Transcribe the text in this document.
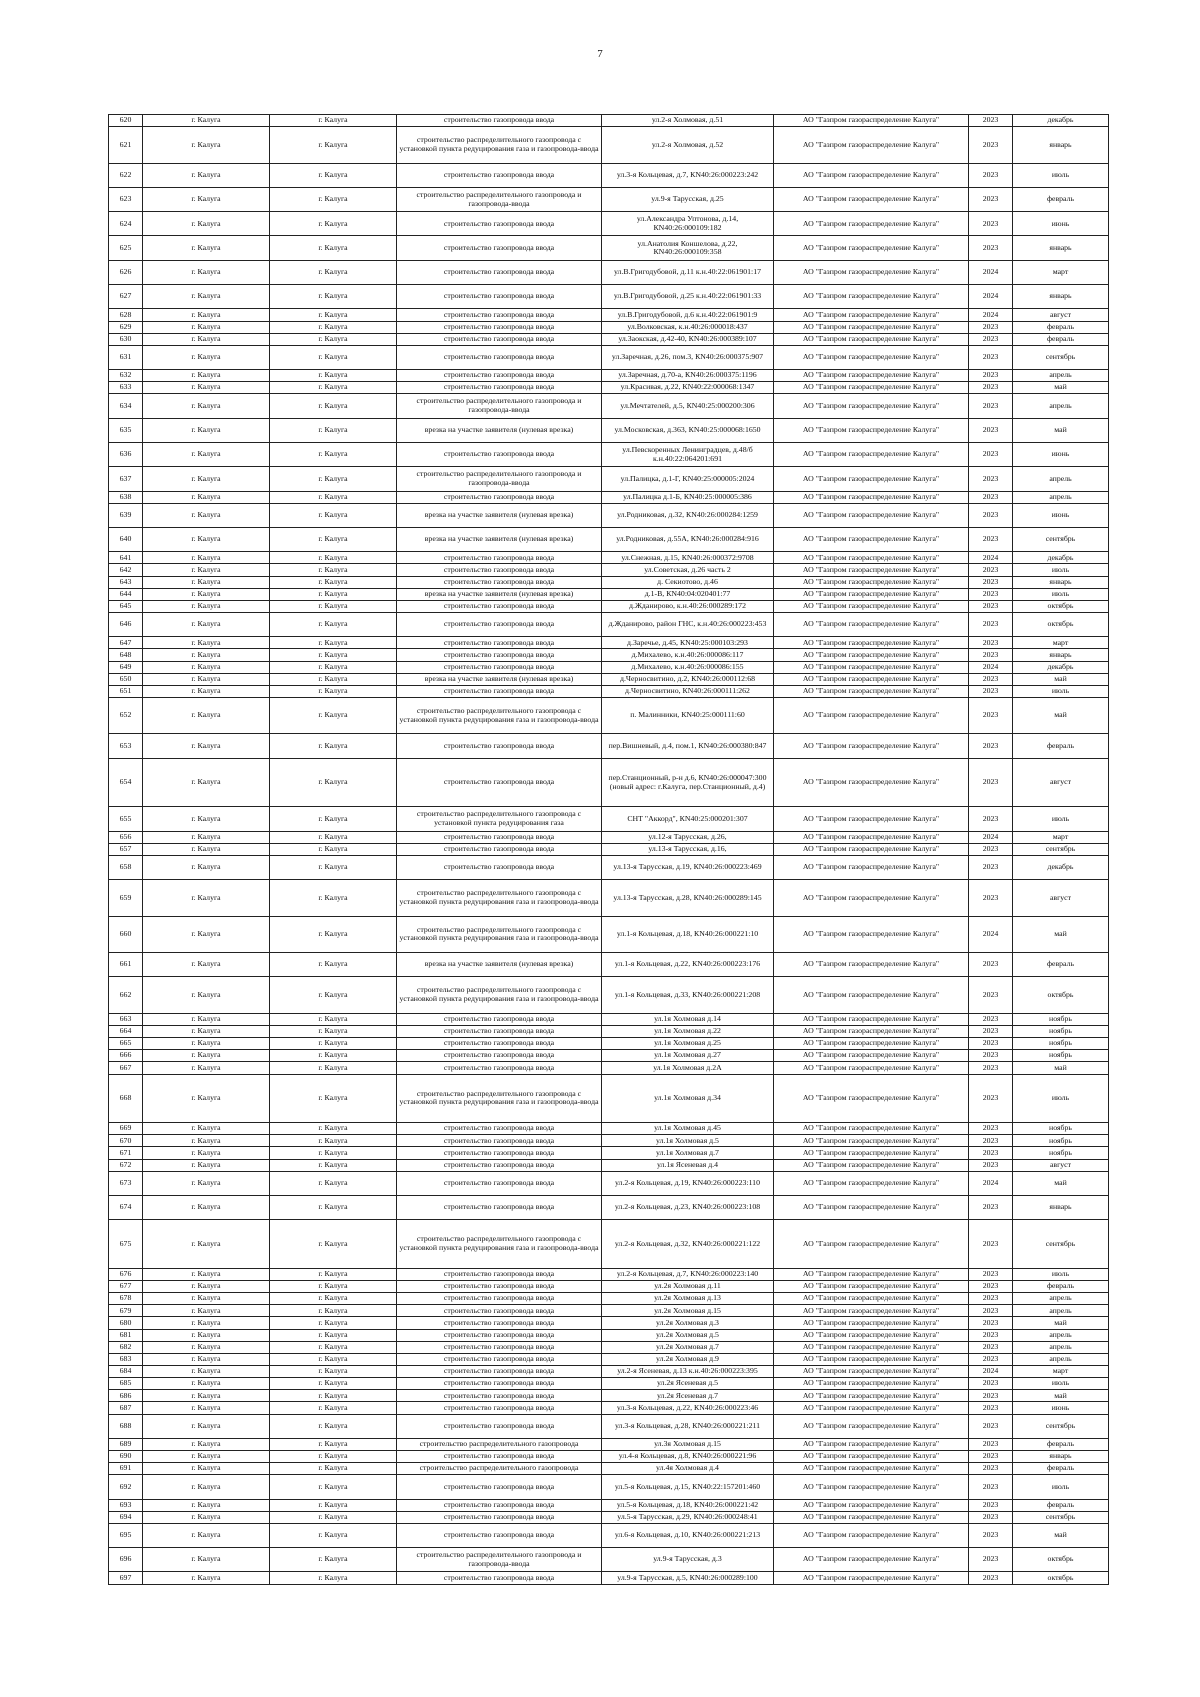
7
620	г. Калуга	г. Калуга	строительство газопровода ввода	ул.2-я Холмовая, д.51	АО "Газпром газораспределение Калуга"	2023	декабрь
621	г. Калуга	г. Калуга	строительство распределительного газопровода с установкой пункта редуцирования газа и газопровода-ввода	ул.2-я Холмовая, д.52	АО "Газпром газораспределение Калуга"	2023	январь
622	г. Калуга	г. Калуга	строительство газопровода ввода	ул.3-я Кольцевая, д.7, КN40:26:000223:242	АО "Газпром газораспределение Калуга"	2023	июль
623	г. Калуга	г. Калуга	строительство распределительного газопровода и газопровода-ввода	ул.9-я Тарусская, д.25	АО "Газпром газораспределение Калуга"	2023	февраль
624	г. Калуга	г. Калуга	строительство газопровода ввода	ул.Александра Уптонова, д.14, КN40:26:000109:182	АО "Газпром газораспределение Калуга"	2023	июнь
625	г. Калуга	г. Калуга	строительство газопровода ввода	ул.Анатолия Коншелова, д.22, КN40:26:000109:358	АО "Газпром газораспределение Калуга"	2023	январь
626	г. Калуга	г. Калуга	строительство газопровода ввода	ул.В.Григодубовой, д.11 к.н.40:22:061901:17	АО "Газпром газораспределение Калуга"	2024	март
627	г. Калуга	г. Калуга	строительство газопровода ввода	ул.В.Григодубовой, д.25 к.н.40:22:061901:33	АО "Газпром газораспределение Калуга"	2024	январь
628	г. Калуга	г. Калуга	строительство газопровода ввода	ул.В.Григодубовой, д.6 к.н.40:22:061901:9	АО "Газпром газораспределение Калуга"	2024	август
629	г. Калуга	г. Калуга	строительство газопровода ввода	ул.Волковская, к.н.40:26:000018:437	АО "Газпром газораспределение Калуга"	2023	февраль
630	г. Калуга	г. Калуга	строительство газопровода ввода	ул.Заокская, д.42-40, КN40:26:000389:107	АО "Газпром газораспределение Калуга"	2023	февраль
631	г. Калуга	г. Калуга	строительство газопровода ввода	ул.Заречная, д.26, пом.3, КN40:26:000375:907	АО "Газпром газораспределение Калуга"	2023	сентябрь
632	г. Калуга	г. Калуга	строительство газопровода ввода	ул.Заречная, д.70-а, КN40:26:000375:1196	АО "Газпром газораспределение Калуга"	2023	апрель
633	г. Калуга	г. Калуга	строительство газопровода ввода	ул.Красивая, д.22, КN40:22:000068:1347	АО "Газпром газораспределение Калуга"	2023	май
634	г. Калуга	г. Калуга	строительство распределительного газопровода и газопровода-ввода	ул.Мечтателей, д.5, КN40:25:000200:306	АО "Газпром газораспределение Калуга"	2023	апрель
635	г. Калуга	г. Калуга	врезка на участке заявителя (нулевая врезка)	ул.Московская, д.363, КN40:25:000068:1650	АО "Газпром газораспределение Калуга"	2023	май
636	г. Калуга	г. Калуга	строительство газопровода ввода	ул.Певскоренных Ленинградцев, д.48/б к.н.40:22:064201:691	АО "Газпром газораспределение Калуга"	2023	июнь
637	г. Калуга	г. Калуга	строительство распределительного газопровода и газопровода-ввода	ул.Палицка, д.1-Г, КN40:25:000005:2024	АО "Газпром газораспределение Калуга"	2023	апрель
638	г. Калуга	г. Калуга	строительство газопровода ввода	ул.Палицка д.1-Б, КN40:25:000005:386	АО "Газпром газораспределение Калуга"	2023	апрель
639	г. Калуга	г. Калуга	врезка на участке заявителя (нулевая врезка)	ул.Родниковая, д.32, КN40:26:000284:1259	АО "Газпром газораспределение Калуга"	2023	июнь
640	г. Калуга	г. Калуга	врезка на участке заявителя (нулевая врезка)	ул.Родниковая, д.55А, КN40:26:000284:916	АО "Газпром газораспределение Калуга"	2023	сентябрь
641	г. Калуга	г. Калуга	строительство газопровода ввода	ул.Снежная, д.15, КN40:26:000372:9708	АО "Газпром газораспределение Калуга"	2024	декабрь
642	г. Калуга	г. Калуга	строительство газопровода ввода	ул.Советская, д.26 часть 2	АО "Газпром газораспределение Калуга"	2023	июль
643	г. Калуга	г. Калуга	строительство газопровода ввода	д. Секиотово, д.46	АО "Газпром газораспределение Калуга"	2023	январь
644	г. Калуга	г. Калуга	врезка на участке заявителя (нулевая врезка)	д.1-В, КN40:04:020401:77	АО "Газпром газораспределение Калуга"	2023	июль
645	г. Калуга	г. Калуга	строительство газопровода ввода	д.Жданирово, к.н.40:26:000289:172	АО "Газпром газораспределение Калуга"	2023	октябрь
646	г. Калуга	г. Калуга	строительство газопровода ввода	д.Жданирово, район ГНС, к.н.40:26:000223:453	АО "Газпром газораспределение Калуга"	2023	октябрь
647	г. Калуга	г. Калуга	строительство газопровода ввода	д.Заречье, д.45, КN40:25:000103:293	АО "Газпром газораспределение Калуга"	2023	март
648	г. Калуга	г. Калуга	строительство газопровода ввода	д.Михалево, к.н.40:26:000086:117	АО "Газпром газораспределение Калуга"	2023	январь
649	г. Калуга	г. Калуга	строительство газопровода ввода	д.Михалево, к.н.40:26:000086:155	АО "Газпром газораспределение Калуга"	2024	декабрь
650	г. Калуга	г. Калуга	врезка на участке заявителя (нулевая врезка)	д.Черносвитино, д.2, КN40:26:000112:68	АО "Газпром газораспределение Калуга"	2023	май
651	г. Калуга	г. Калуга	строительство газопровода ввода	д.Черносвитино, КN40:26:000111:262	АО "Газпром газораспределение Калуга"	2023	июль
652	г. Калуга	г. Калуга	строительство распределительного газопровода с установкой пункта редуцирования газа и газопровода-ввода	п. Малинники, КN40:25:000111:60	АО "Газпром газораспределение Калуга"	2023	май
653	г. Калуга	г. Калуга	строительство газопровода ввода	пер.Вишневый, д.4, пом.1, КN40:26:000380:847	АО "Газпром газораспределение Калуга"	2023	февраль
654	г. Калуга	г. Калуга	строительство газопровода ввода	пер.Станционный, р-н д.6, КN40:26:000047:300 (новый адрес: г.Калуга, пер.Станционный, д.4)	АО "Газпром газораспределение Калуга"	2023	август
655	г. Калуга	г. Калуга	строительство распределительного газопровода с установкой пункта редуцирования газа	СНТ "Аккорд", КN40:25:000201:307	АО "Газпром газораспределение Калуга"	2023	июль
656	г. Калуга	г. Калуга	строительство газопровода ввода	ул.12-я Тарусская, д.26,	АО "Газпром газораспределение Калуга"	2024	март
657	г. Калуга	г. Калуга	строительство газопровода ввода	ул.13-я Тарусская, д.16,	АО "Газпром газораспределение Калуга"	2023	сентябрь
658	г. Калуга	г. Калуга	строительство газопровода ввода	ул.13-я Тарусская, д.19, КN40:26:000223:469	АО "Газпром газораспределение Калуга"	2023	декабрь
659	г. Калуга	г. Калуга	строительство распределительного газопровода с установкой пункта редуцирования газа и газопровода-ввода	ул.13-я Тарусская, д.28, КN40:26:000289:145	АО "Газпром газораспределение Калуга"	2023	август
660	г. Калуга	г. Калуга	строительство распределительного газопровода с установкой пункта редуцирования газа и газопровода-ввода	ул.1-я Кольцевая, д.18, КN40:26:000221:10	АО "Газпром газораспределение Калуга"	2024	май
661	г. Калуга	г. Калуга	врезка на участке заявителя (нулевая врезка)	ул.1-я Кольцевая, д.22, КN40:26:000223:176	АО "Газпром газораспределение Калуга"	2023	февраль
662	г. Калуга	г. Калуга	строительство распределительного газопровода с установкой пункта редуцирования газа и газопровода-ввода	ул.1-я Кольцевая, д.33, КN40:26:000221:208	АО "Газпром газораспределение Калуга"	2023	октябрь
663	г. Калуга	г. Калуга	строительство газопровода ввода	ул.1я Холмовая д.14	АО "Газпром газораспределение Калуга"	2023	ноябрь
664	г. Калуга	г. Калуга	строительство газопровода ввода	ул.1я Холмовая д.22	АО "Газпром газораспределение Калуга"	2023	ноябрь
665	г. Калуга	г. Калуга	строительство газопровода ввода	ул.1я Холмовая д.25	АО "Газпром газораспределение Калуга"	2023	ноябрь
666	г. Калуга	г. Калуга	строительство газопровода ввода	ул.1я Холмовая д.27	АО "Газпром газораспределение Калуга"	2023	ноябрь
667	г. Калуга	г. Калуга	строительство газопровода ввода	ул.1я Холмовая д.2А	АО "Газпром газораспределение Калуга"	2023	май
668	г. Калуга	г. Калуга	строительство распределительного газопровода с установкой пункта редуцирования газа и газопровода-ввода	ул.1я Холмовая д.34	АО "Газпром газораспределение Калуга"	2023	июль
669	г. Калуга	г. Калуга	строительство газопровода ввода	ул.1я Холмовая д.45	АО "Газпром газораспределение Калуга"	2023	ноябрь
670	г. Калуга	г. Калуга	строительство газопровода ввода	ул.1я Холмовая д.5	АО "Газпром газораспределение Калуга"	2023	ноябрь
671	г. Калуга	г. Калуга	строительство газопровода ввода	ул.1я Холмовая д.7	АО "Газпром газораспределение Калуга"	2023	ноябрь
672	г. Калуга	г. Калуга	строительство газопровода ввода	ул.1я Ясеневая д.4	АО "Газпром газораспределение Калуга"	2023	август
673	г. Калуга	г. Калуга	строительство газопровода ввода	ул.2-я Кольцевая, д.19, КN40:26:000223:110	АО "Газпром газораспределение Калуга"	2024	май
674	г. Калуга	г. Калуга	строительство газопровода ввода	ул.2-я Кольцевая, д.23, КN40:26:000223:108	АО "Газпром газораспределение Калуга"	2023	январь
675	г. Калуга	г. Калуга	строительство распределительного газопровода с установкой пункта редуцирования газа и газопровода-ввода	ул.2-я Кольцевая, д.32, КN40:26:000221:122	АО "Газпром газораспределение Калуга"	2023	сентябрь
676	г. Калуга	г. Калуга	строительство газопровода ввода	ул.2-я Кольцевая, д.7, КN40:26:000223:140	АО "Газпром газораспределение Калуга"	2023	июль
677	г. Калуга	г. Калуга	строительство газопровода ввода	ул.2я Холмовая д.11	АО "Газпром газораспределение Калуга"	2023	февраль
678	г. Калуга	г. Калуга	строительство газопровода ввода	ул.2я Холмовая д.13	АО "Газпром газораспределение Калуга"	2023	апрель
679	г. Калуга	г. Калуга	строительство газопровода ввода	ул.2я Холмовая д.15	АО "Газпром газораспределение Калуга"	2023	апрель
680	г. Калуга	г. Калуга	строительство газопровода ввода	ул.2я Холмовая д.3	АО "Газпром газораспределение Калуга"	2023	май
681	г. Калуга	г. Калуга	строительство газопровода ввода	ул.2я Холмовая д.5	АО "Газпром газораспределение Калуга"	2023	апрель
682	г. Калуга	г. Калуга	строительство газопровода ввода	ул.2я Холмовая д.7	АО "Газпром газораспределение Калуга"	2023	апрель
683	г. Калуга	г. Калуга	строительство газопровода ввода	ул.2я Холмовая д.9	АО "Газпром газораспределение Калуга"	2023	апрель
684	г. Калуга	г. Калуга	строительство газопровода ввода	ул.2-я Ясеневая, д.13 к.н.40:26:000223:395	АО "Газпром газораспределение Калуга"	2024	март
685	г. Калуга	г. Калуга	строительство газопровода ввода	ул.2я Ясеневая д.5	АО "Газпром газораспределение Калуга"	2023	июль
686	г. Калуга	г. Калуга	строительство газопровода ввода	ул.2я Ясеневая д.7	АО "Газпром газораспределение Калуга"	2023	май
687	г. Калуга	г. Калуга	строительство газопровода ввода	ул.3-я Кольцевая, д.22, КN40:26:000223:46	АО "Газпром газораспределение Калуга"	2023	июнь
688	г. Калуга	г. Калуга	строительство газопровода ввода	ул.3-я Кольцевая, д.28, КN40:26:000221:211	АО "Газпром газораспределение Калуга"	2023	сентябрь
689	г. Калуга	г. Калуга	строительство распределительного газопровода	ул.3я Холмовая д.15	АО "Газпром газораспределение Калуга"	2023	февраль
690	г. Калуга	г. Калуга	строительство газопровода ввода	ул.4-я Кольцевая, д.8, КN40:26:000221:96	АО "Газпром газораспределение Калуга"	2023	январь
691	г. Калуга	г. Калуга	строительство распределительного газопровода	ул.4я Холмовая д.4	АО "Газпром газораспределение Калуга"	2023	февраль
692	г. Калуга	г. Калуга	строительство газопровода ввода	ул.5-я Кольцевая, д.15, КN40:22:157201:460	АО "Газпром газораспределение Калуга"	2023	июль
693	г. Калуга	г. Калуга	строительство газопровода ввода	ул.5-я Кольцевая, д.18, КN40:26:000221:42	АО "Газпром газораспределение Калуга"	2023	февраль
694	г. Калуга	г. Калуга	строительство газопровода ввода	ул.5-я Тарусская, д.29, КN40:26:000248:41	АО "Газпром газораспределение Калуга"	2023	сентябрь
695	г. Калуга	г. Калуга	строительство газопровода ввода	ул.6-я Кольцевая, д.10, КN40:26:000221:213	АО "Газпром газораспределение Калуга"	2023	май
696	г. Калуга	г. Калуга	строительство распределительного газопровода и газопровода-ввода	ул.9-я Тарусская, д.3	АО "Газпром газораспределение Калуга"	2023	октябрь
697	г. Калуга	г. Калуга	строительство газопровода ввода	ул.9-я Тарусская, д.5, КN40:26:000289:100	АО "Газпром газораспределение Калуга"	2023	октябрь
